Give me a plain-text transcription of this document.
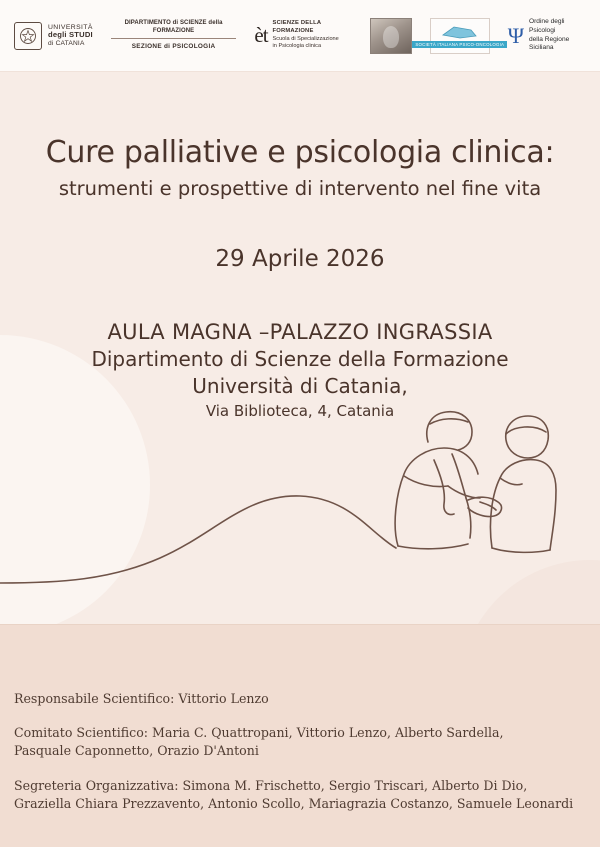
UNIVERSITÀ
degli STUDI
di CATANIA
DIPARTIMENTO di SCIENZE della FORMAZIONE
SEZIONE di PSICOLOGIA	èt SCIENZE DELLA FORMAZIONE
Scuola di Specializzazione
in Psicologia clinica	SOCIETÀ ITALIANA PSICO-ONCOLOGIA Ψ
Ordine degli Psicologi
della Regione Siciliana
Cure palliative e psicologia clinica:
strumenti e prospettive di intervento nel fine vita
29 Aprile 2026
AULA MAGNA –PALAZZO INGRASSIA
Dipartimento di Scienze della Formazione
Università di Catania,
Via Biblioteca, 4, Catania
Responsabile Scientifico: Vittorio Lenzo
Comitato Scientifico: Maria C. Quattropani, Vittorio Lenzo, Alberto Sardella,
Pasquale Caponnetto, Orazio D'Antoni
Segreteria Organizzativa: Simona M. Frischetto, Sergio Triscari, Alberto Di Dio,
Graziella Chiara Prezzavento, Antonio Scollo, Mariagrazia Costanzo, Samuele Leonardi
